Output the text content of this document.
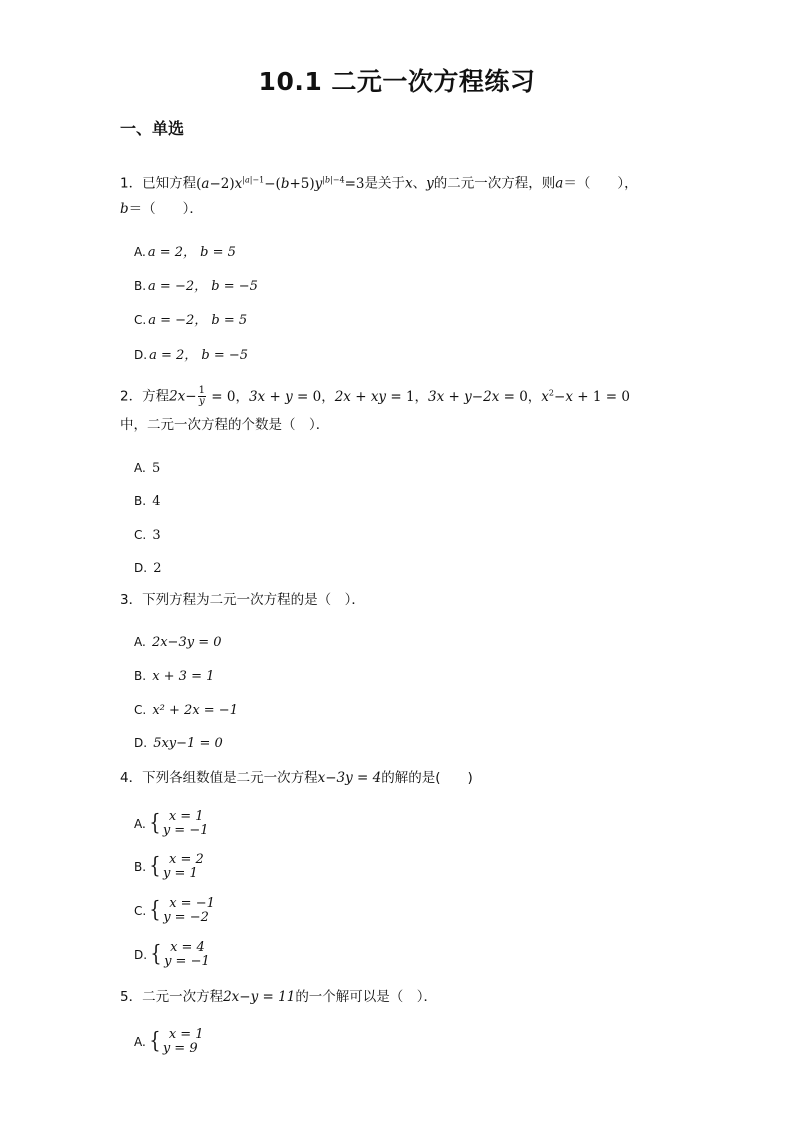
10.1 二元一次方程练习
一、单选
1．已知方程$(a-2)x^{|a|-1}-(b+5)y^{|b|-4}=3$是关于x、y的二元一次方程，则a＝（　　），
b＝（　　）．
A. a = 2， b = 5
B. a = −2， b = −5
C. a = −2， b = 5
D. a = 2， b = −5
2．方程$2x- \frac{1}{y} = 0$，3x + y = 0，2x + xy = 1，3x + y−2x = 0，$x^2-x + 1 = 0$
中，二元一次方程的个数是（　）．
A. 5
B. 4
C. 3
D. 2
3．下列方程为二元一次方程的是（　）．
A. 2x−3y = 0
B. x + 3 = 1
C. x² + 2x = −1
D. 5xy−1 = 0
4．下列各组数值是二元一次方程x−3y = 4的解的是(　　)
A. { x = 1
y = −1
B. { x = 2
y = 1
C. { x = −1
y = −2
D. { x = 4
y = −1
5．二元一次方程2x−y = 11的一个解可以是（　）．
A. { x = 1
y = 9
